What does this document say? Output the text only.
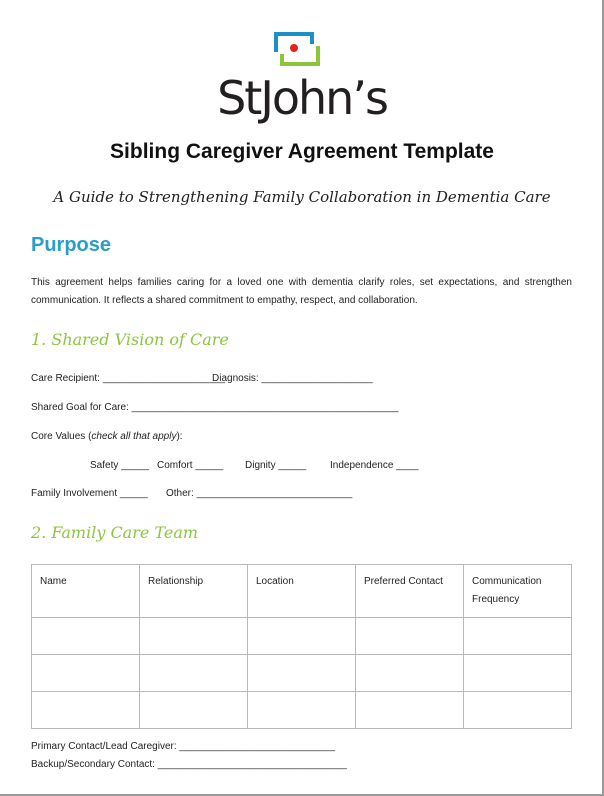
StJohn’s
Sibling Caregiver Agreement Template
A Guide to Strengthening Family Collaboration in Dementia Care
Purpose
This agreement helps families caring for a loved one with dementia clarify roles, set expectations, and strengthen communication. It reflects a shared commitment to empathy, respect, and collaboration.
1. Shared Vision of Care
Care Recipient: ______________________
Diagnosis: ____________________
Shared Goal for Care: ________________________________________________
Core Values (check all that apply):
Safety _____ Comfort _____ Dignity _____ Independence ____
Family Involvement _____ Other: ____________________________
2. Family Care Team
Name	Relationship	Location	Preferred Contact	Communication Frequency

Primary Contact/Lead Caregiver: ____________________________
Backup/Secondary Contact: __________________________________
